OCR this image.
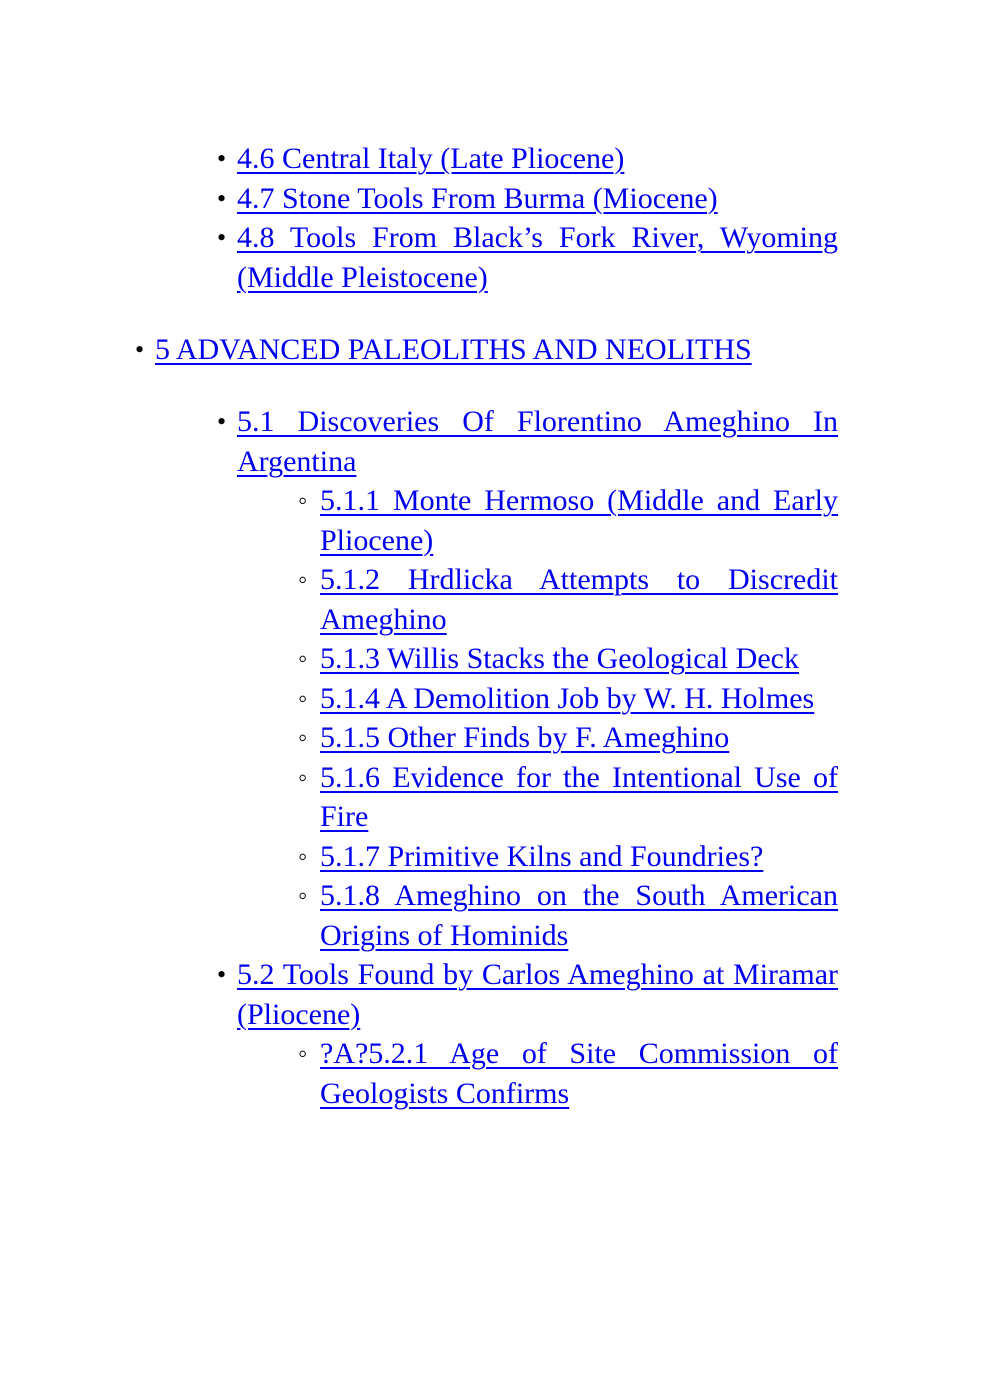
• 4.6 Central Italy (Late Pliocene)
• 4.7 Stone Tools From Burma (Miocene)
• 4.8 Tools From Black’s Fork River, Wyoming (Middle Pleistocene)
• 5 ADVANCED PALEOLITHS AND NEOLITHS
• 5.1 Discoveries Of Florentino Ameghino In Argentina
◦ 5.1.1 Monte Hermoso (Middle and Early Pliocene)
◦ 5.1.2 Hrdlicka Attempts to Discredit Ameghino
◦ 5.1.3 Willis Stacks the Geological Deck
◦ 5.1.4 A Demolition Job by W. H. Holmes
◦ 5.1.5 Other Finds by F. Ameghino
◦ 5.1.6 Evidence for the Intentional Use of Fire
◦ 5.1.7 Primitive Kilns and Foundries?
◦ 5.1.8 Ameghino on the South American Origins of Hominids
• 5.2 Tools Found by Carlos Ameghino at Miramar (Pliocene)
◦ ?A?5.2.1 Age of Site Commission of Geologists Confirms
